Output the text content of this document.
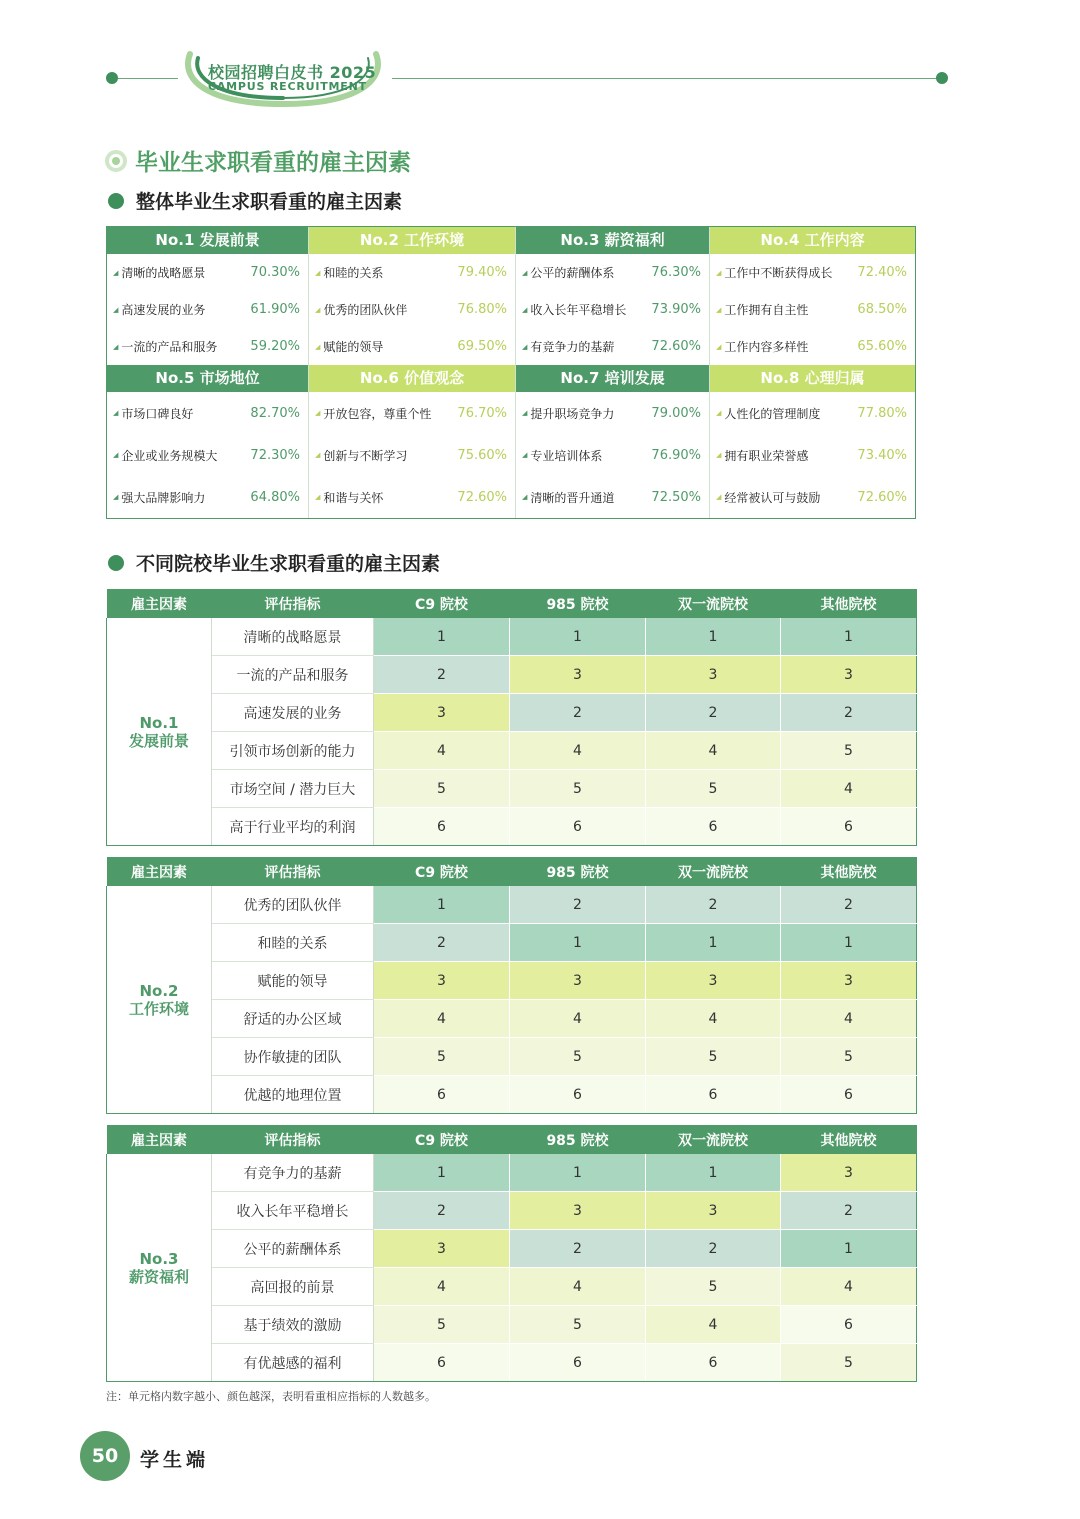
校园招聘白皮书 2025
CAMPUS RECRUITMENT
毕业生求职看重的雇主因素
整体毕业生求职看重的雇主因素
No.1 发展前景	No.2 工作环境	No.3 薪资福利	No.4 工作内容
◢ 清晰的战略愿景	70.30% ◢ 和睦的关系	79.40% ◢ 公平的薪酬体系	76.30% ◢ 工作中不断获得成长	72.40%
◢ 高速发展的业务	61.90% ◢ 优秀的团队伙伴	76.80% ◢ 收入长年平稳增长	73.90% ◢ 工作拥有自主性	68.50%
◢ 一流的产品和服务	59.20% ◢ 赋能的领导	69.50% ◢ 有竞争力的基薪	72.60% ◢ 工作内容多样性	65.60%
No.5 市场地位	No.6 价值观念	No.7 培训发展	No.8 心理归属
◢ 市场口碑良好	82.70% ◢ 开放包容，尊重个性	76.70% ◢ 提升职场竞争力	79.00% ◢ 人性化的管理制度	77.80%
◢ 企业或业务规模大	72.30% ◢ 创新与不断学习	75.60% ◢ 专业培训体系	76.90% ◢ 拥有职业荣誉感	73.40%
◢ 强大品牌影响力	64.80% ◢ 和谐与关怀	72.60% ◢ 清晰的晋升通道	72.50% ◢ 经常被认可与鼓励	72.60%
不同院校毕业生求职看重的雇主因素
雇主因素	评估指标	C9 院校	985 院校	双一流院校	其他院校

No.1
发展前景	清晰的战略愿景	1	1	1	1
	一流的产品和服务	2	3	3	3
	高速发展的业务	3	2	2	2
	引领市场创新的能力	4	4	4	5
	市场空间 / 潜力巨大	5	5	5	4
	高于行业平均的利润	6	6	6	6
雇主因素	评估指标	C9 院校	985 院校	双一流院校	其他院校

No.2
工作环境	优秀的团队伙伴	1	2	2	2
	和睦的关系	2	1	1	1
	赋能的领导	3	3	3	3
	舒适的办公区域	4	4	4	4
	协作敏捷的团队	5	5	5	5
	优越的地理位置	6	6	6	6
雇主因素	评估指标	C9 院校	985 院校	双一流院校	其他院校

No.3
薪资福利	有竞争力的基薪	1	1	1	3
	收入长年平稳增长	2	3	3	2
	公平的薪酬体系	3	2	2	1
	高回报的前景	4	4	5	4
	基于绩效的激励	5	5	4	6
	有优越感的福利	6	6	6	5
注：单元格内数字越小、颜色越深，表明看重相应指标的人数越多。
50	学生端
